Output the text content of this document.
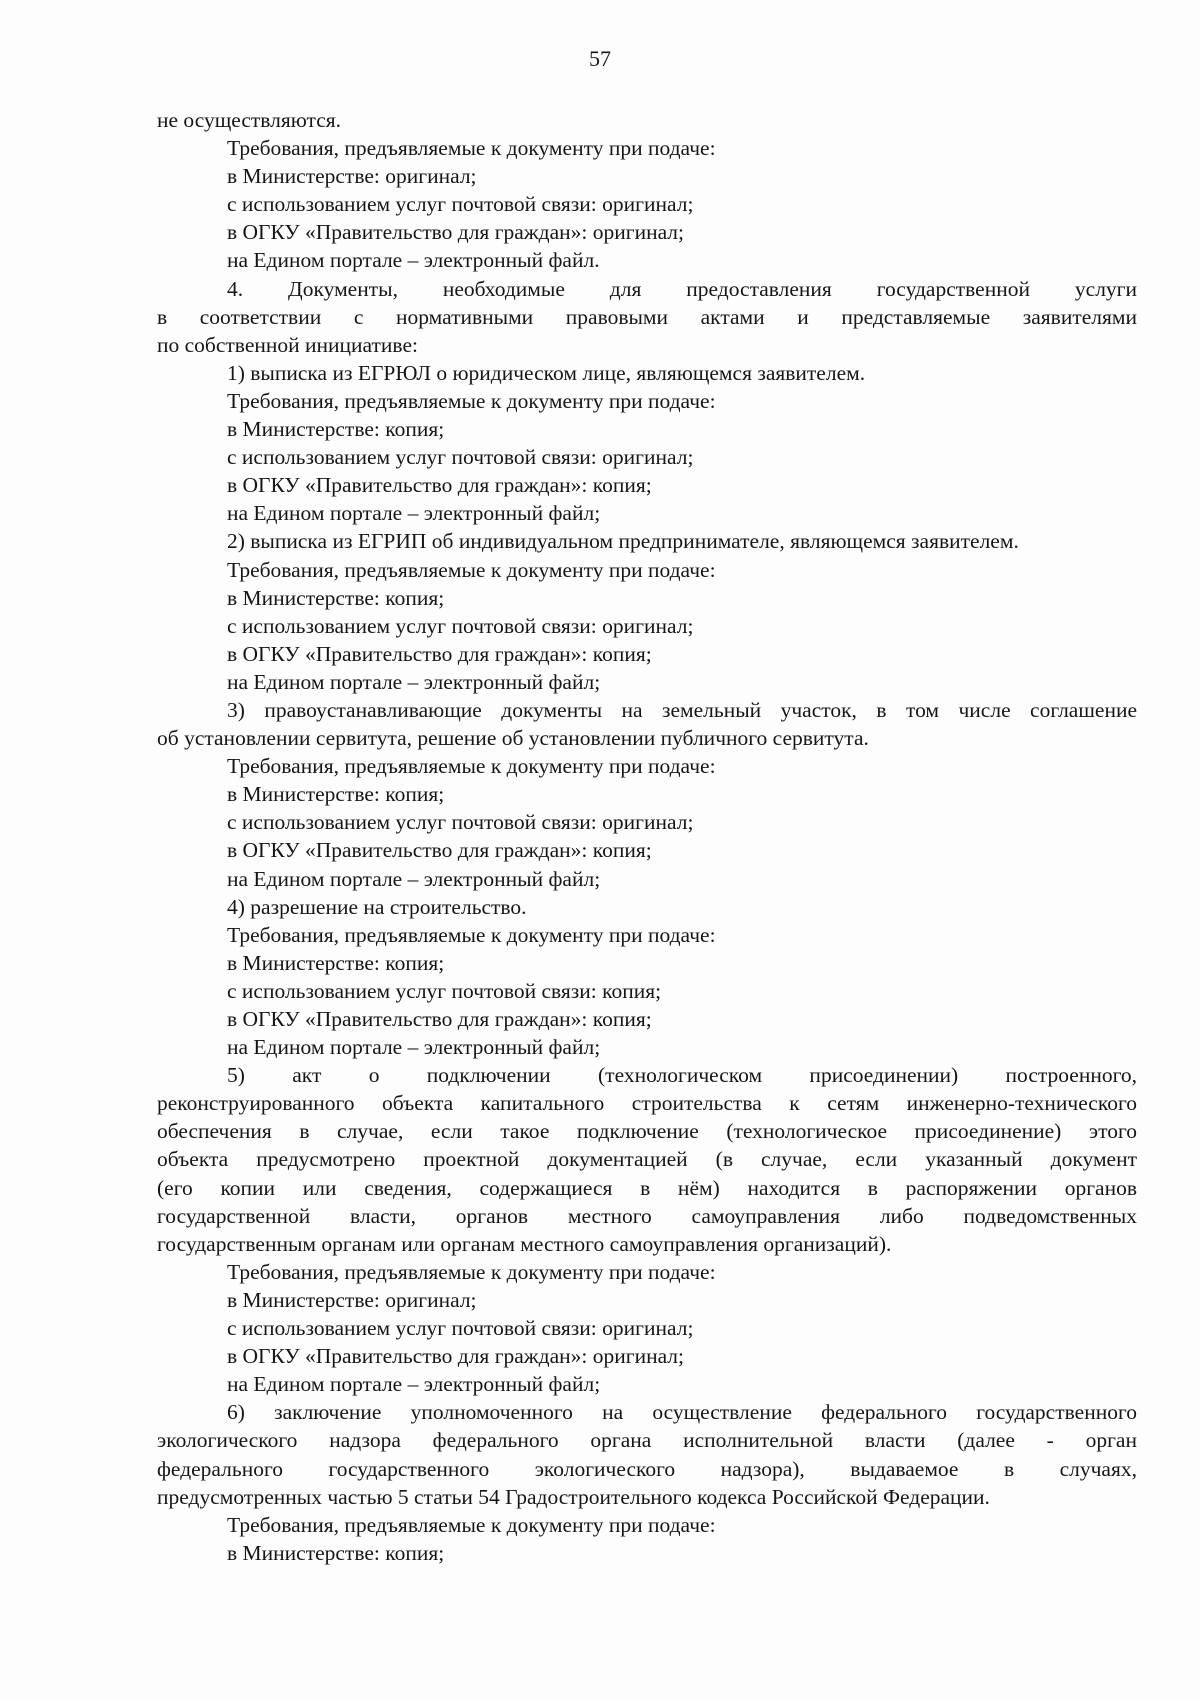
57
не осуществляются.
Требования, предъявляемые к документу при подаче:
в Министерстве: оригинал;
с использованием услуг почтовой связи: оригинал;
в ОГКУ «Правительство для граждан»: оригинал;
на Едином портале – электронный файл.
4. Документы, необходимые для предоставления государственной услуги
в соответствии с нормативными правовыми актами и представляемые заявителями
по собственной инициативе:
1) выписка из ЕГРЮЛ о юридическом лице, являющемся заявителем.
Требования, предъявляемые к документу при подаче:
в Министерстве: копия;
с использованием услуг почтовой связи: оригинал;
в ОГКУ «Правительство для граждан»: копия;
на Едином портале – электронный файл;
2) выписка из ЕГРИП об индивидуальном предпринимателе, являющемся заявителем.
Требования, предъявляемые к документу при подаче:
в Министерстве: копия;
с использованием услуг почтовой связи: оригинал;
в ОГКУ «Правительство для граждан»: копия;
на Едином портале – электронный файл;
3) правоустанавливающие документы на земельный участок, в том числе соглашение
об установлении сервитута, решение об установлении публичного сервитута.
Требования, предъявляемые к документу при подаче:
в Министерстве: копия;
с использованием услуг почтовой связи: оригинал;
в ОГКУ «Правительство для граждан»: копия;
на Едином портале – электронный файл;
4) разрешение на строительство.
Требования, предъявляемые к документу при подаче:
в Министерстве: копия;
с использованием услуг почтовой связи: копия;
в ОГКУ «Правительство для граждан»: копия;
на Едином портале – электронный файл;
5) акт о подключении (технологическом присоединении) построенного,
реконструированного объекта капитального строительства к сетям инженерно-технического
обеспечения в случае, если такое подключение (технологическое присоединение) этого
объекта предусмотрено проектной документацией (в случае, если указанный документ
(его копии или сведения, содержащиеся в нём) находится в распоряжении органов
государственной власти, органов местного самоуправления либо подведомственных
государственным органам или органам местного самоуправления организаций).
Требования, предъявляемые к документу при подаче:
в Министерстве: оригинал;
с использованием услуг почтовой связи: оригинал;
в ОГКУ «Правительство для граждан»: оригинал;
на Едином портале – электронный файл;
6) заключение уполномоченного на осуществление федерального государственного
экологического надзора федерального органа исполнительной власти (далее - орган
федерального государственного экологического надзора), выдаваемое в случаях,
предусмотренных частью 5 статьи 54 Градостроительного кодекса Российской Федерации.
Требования, предъявляемые к документу при подаче:
в Министерстве: копия;
